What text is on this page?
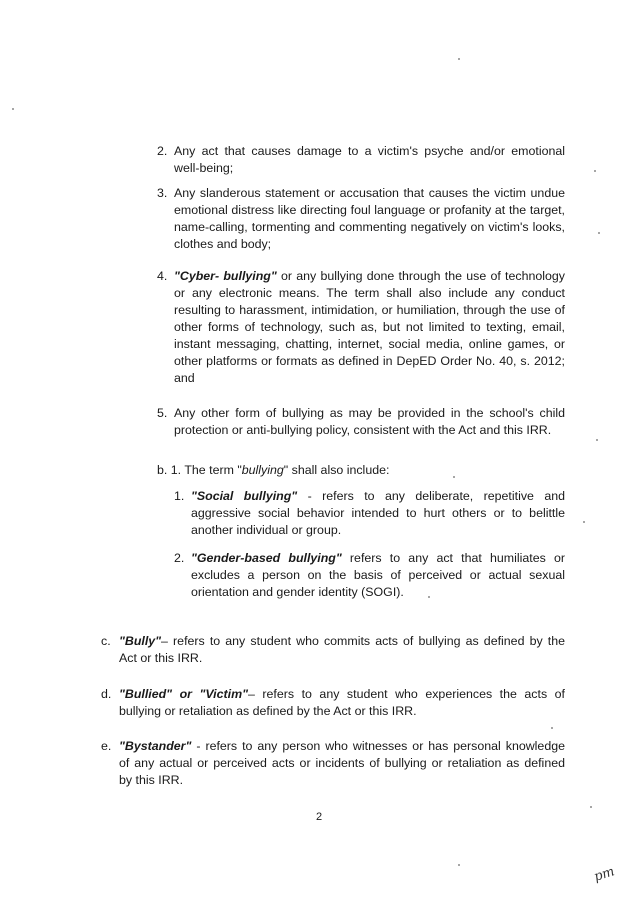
2. Any act that causes damage to a victim's psyche and/or emotional
well-being;
3. Any slanderous statement or accusation that causes the victim undue
emotional distress like directing foul language or profanity at the target,
name-calling, tormenting and commenting negatively on victim's looks,
clothes and body;
4. "Cyber- bullying" or any bullying done through the use of technology
or any electronic means. The term shall also include any conduct
resulting to harassment, intimidation, or humiliation, through the use of
other forms of technology, such as, but not limited to texting, email,
instant messaging, chatting, internet, social media, online games, or
other platforms or formats as defined in DepED Order No. 40, s. 2012;
and
5. Any other form of bullying as may be provided in the school's child
protection or anti-bullying policy, consistent with the Act and this IRR.
b. 1. The term "bullying" shall also include:
1. "Social bullying" - refers to any deliberate, repetitive and
aggressive social behavior intended to hurt others or to belittle
another individual or group.
2. "Gender-based bullying" refers to any act that humiliates or
excludes a person on the basis of perceived or actual sexual
orientation and gender identity (SOGI).
c. "Bully"– refers to any student who commits acts of bullying as defined by the
Act or this IRR.
d. "Bullied" or "Victim"– refers to any student who experiences the acts of
bullying or retaliation as defined by the Act or this IRR.
e. "Bystander" - refers to any person who witnesses or has personal knowledge
of any actual or perceived acts or incidents of bullying or retaliation as defined
by this IRR.
2
pm
